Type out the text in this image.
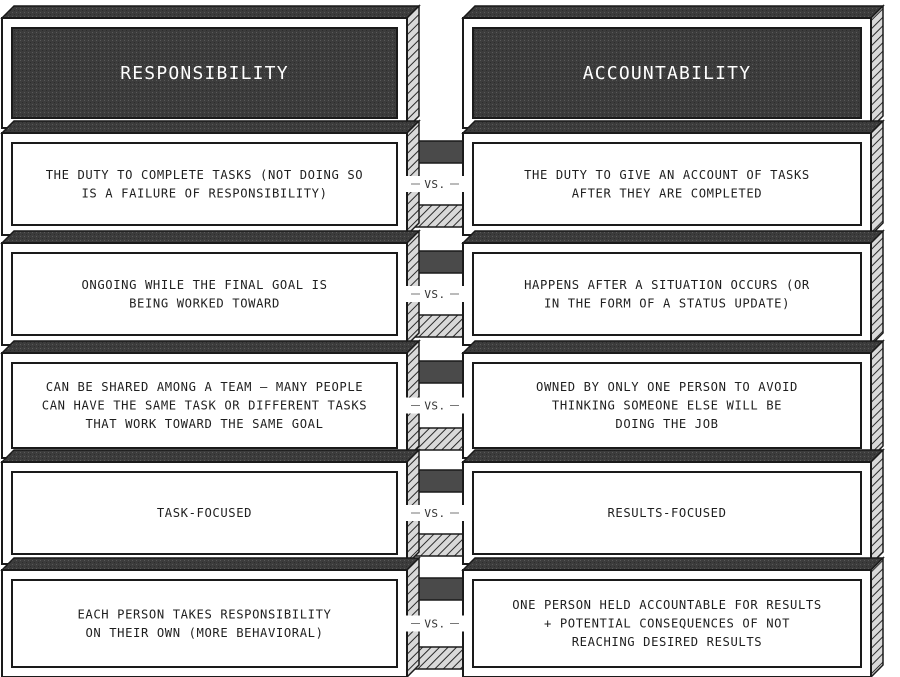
RESPONSIBILITY
THE DUTY TO COMPLETE TASKS (NOT DOING SO
IS A FAILURE OF RESPONSIBILITY)
ONGOING WHILE THE FINAL GOAL IS
BEING WORKED TOWARD
CAN BE SHARED AMONG A TEAM — MANY PEOPLE
CAN HAVE THE SAME TASK OR DIFFERENT TASKS
THAT WORK TOWARD THE SAME GOAL
TASK-FOCUSED
EACH PERSON TAKES RESPONSIBILITY
ON THEIR OWN (MORE BEHAVIORAL)
ACCOUNTABILITY
THE DUTY TO GIVE AN ACCOUNT OF TASKS
AFTER THEY ARE COMPLETED
HAPPENS AFTER A SITUATION OCCURS (OR
IN THE FORM OF A STATUS UPDATE)
OWNED BY ONLY ONE PERSON TO AVOID
THINKING SOMEONE ELSE WILL BE
DOING THE JOB
RESULTS-FOCUSED
ONE PERSON HELD ACCOUNTABLE FOR RESULTS
+ POTENTIAL CONSEQUENCES OF NOT
REACHING DESIRED RESULTS
VS.
VS.
VS.
VS.
VS.
